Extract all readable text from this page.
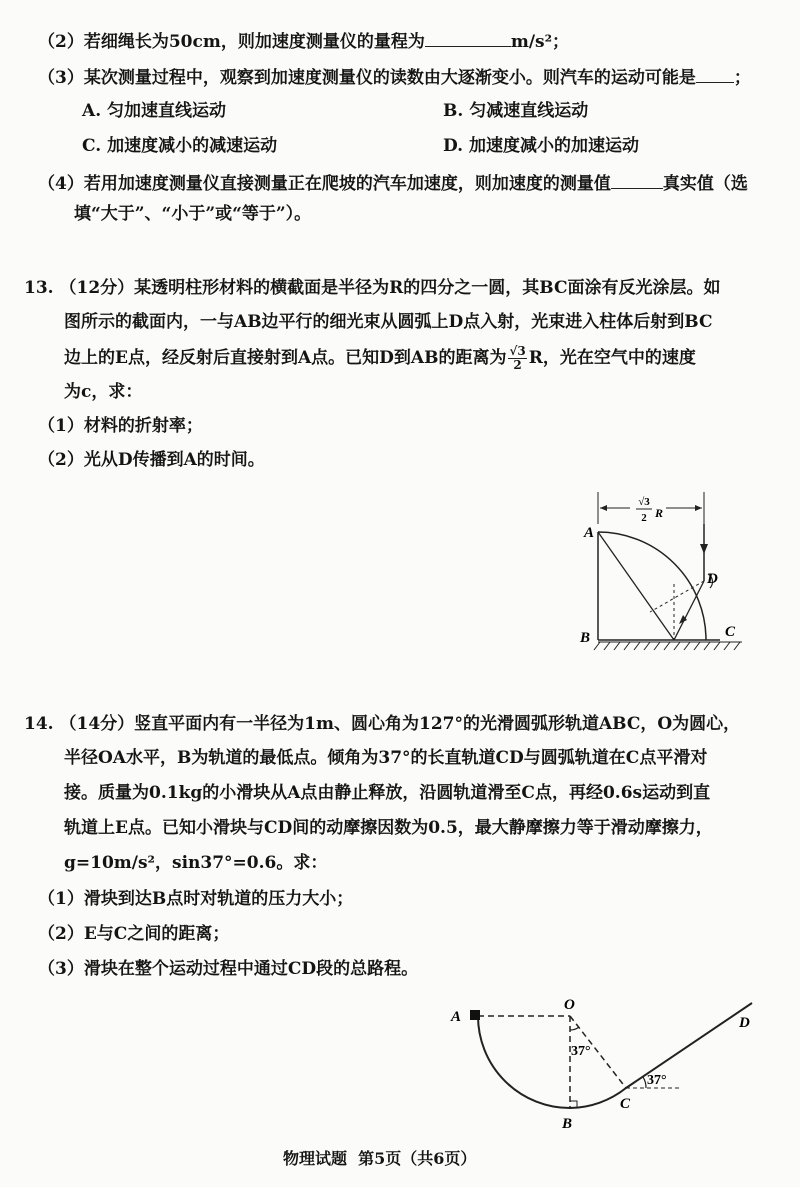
（2）若细绳长为50cm，则加速度测量仪的量程为	m/s²；
（3）某次测量过程中，观察到加速度测量仪的读数由大逐渐变小。则汽车的运动可能是 ；
A. 匀加速直线运动	B. 匀减速直线运动
C. 加速度减小的减速运动	D. 加速度减小的加速运动
（4）若用加速度测量仪直接测量正在爬坡的汽车加速度，则加速度的测量值	真实值（选
填“大于”、“小于”或“等于”）。
13. （12分）某透明柱形材料的横截面是半径为R的四分之一圆，其BC面涂有反光涂层。如
图所示的截面内，一与AB边平行的细光束从圆弧上D点入射，光束进入柱体后射到BC
边上的E点，经反射后直接射到A点。已知D到AB的距离为 $\frac{√3}{2}$ R，光在空气中的速度
为c，求：
（1）材料的折射率；
（2）光从D传播到A的时间。
√3
2 R
A
B	C
D
14. （14分）竖直平面内有一半径为1m、圆心角为127°的光滑圆弧形轨道ABC，O为圆心，
半径OA水平，B为轨道的最低点。倾角为37°的长直轨道CD与圆弧轨道在C点平滑对
接。质量为0.1kg的小滑块从A点由静止释放，沿圆轨道滑至C点，再经0.6s运动到直
轨道上E点。已知小滑块与CD间的动摩擦因数为0.5，最大静摩擦力等于滑动摩擦力，
g=10m/s²，sin37°=0.6。求：
（1）滑块到达B点时对轨道的压力大小；
（2）E与C之间的距离；
（3）滑块在整个运动过程中通过CD段的总路程。
A
O
B
C
D
37°
37°
物理试题 第5页（共6页）
